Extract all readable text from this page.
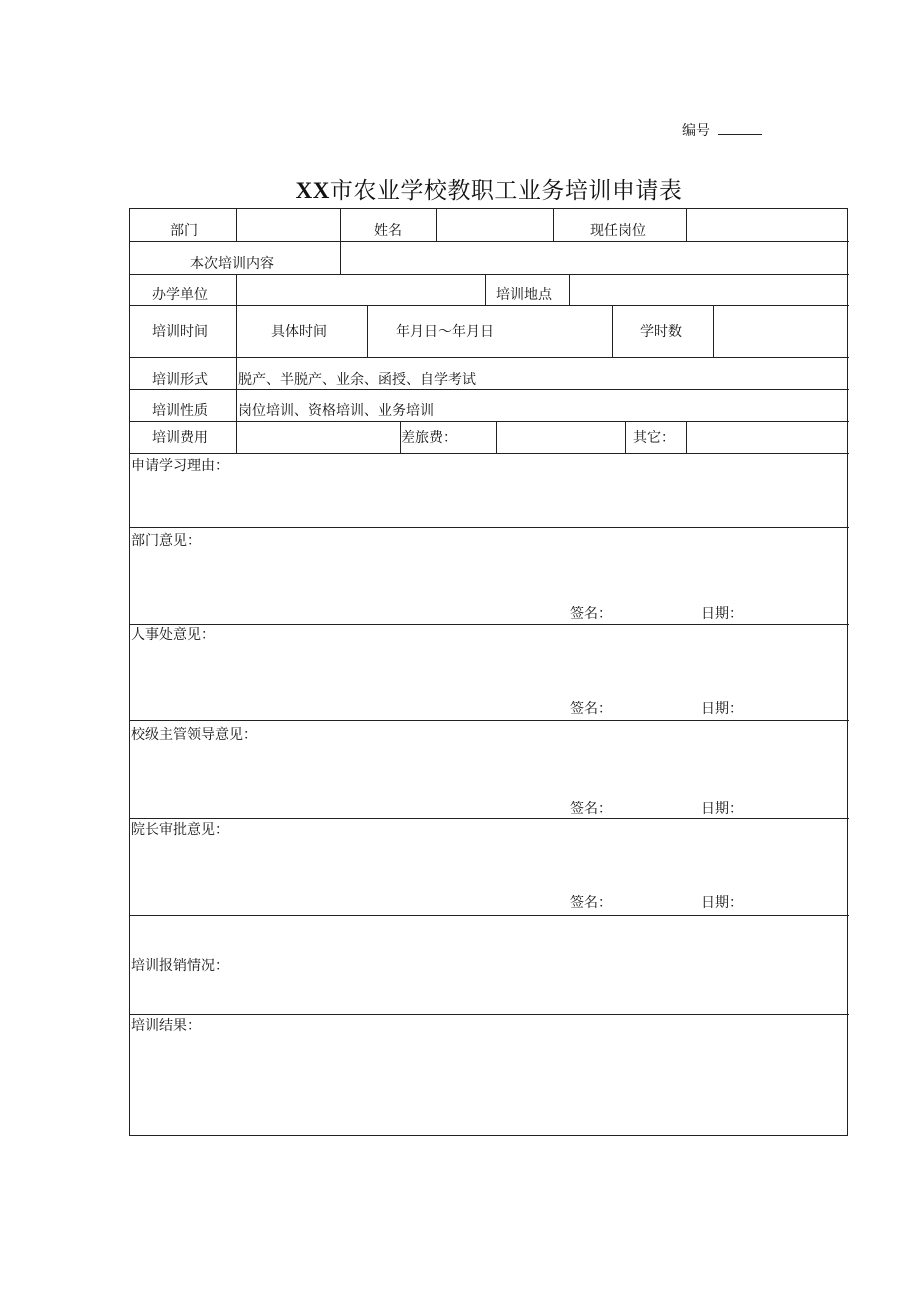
编号
XX市农业学校教职工业务培训申请表
部门	姓名	现任岗位
本次培训内容
办学单位	培训地点
培训时间	具体时间	年月日～年月日	学时数
培训形式 脱产、半脱产、业余、函授、自学考试
培训性质 岗位培训、资格培训、业务培训
培训费用	差旅费：	其它：
申请学习理由：
部门意见：
签名：	日期：
人事处意见：
签名：	日期：
校级主管领导意见：
签名：	日期：
院长审批意见：
签名：	日期：
培训报销情况：
培训结果：
